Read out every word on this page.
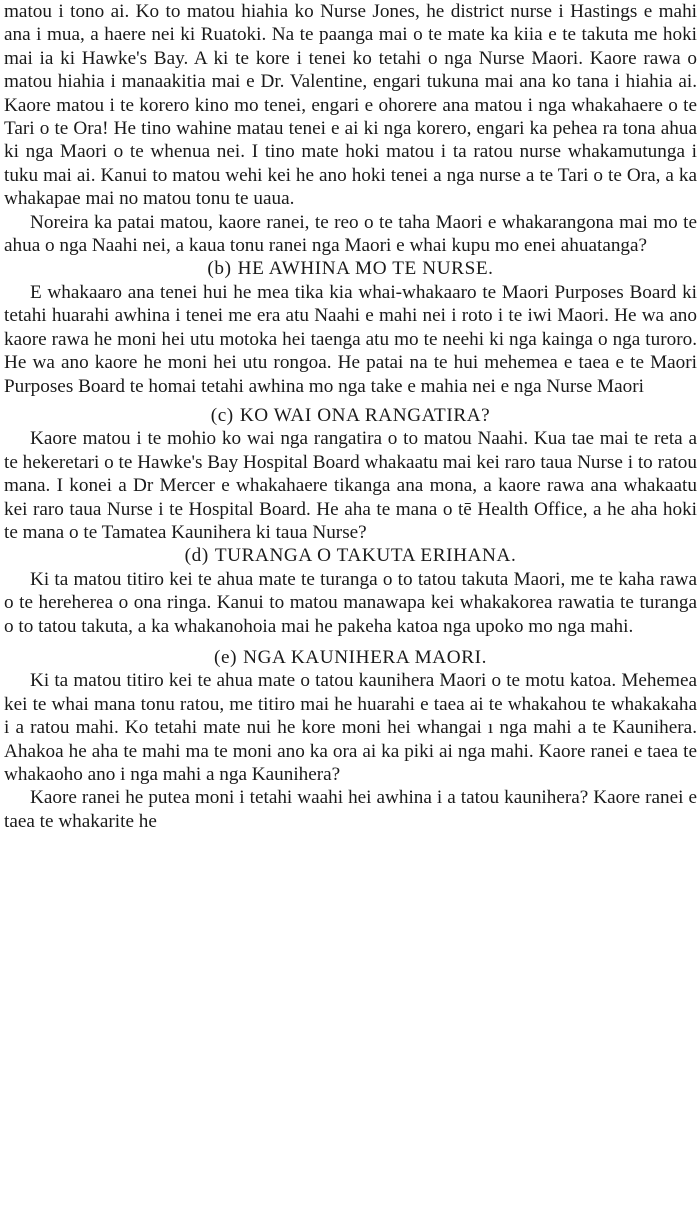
matou i tono ai. Ko to matou hiahia ko Nurse Jones, he district nurse i Hastings e mahi ana i mua, a haere nei ki Ruatoki. Na te paanga mai o te mate ka kiia e te takuta me hoki mai ia ki Hawke's Bay. A ki te kore i tenei ko tetahi o nga Nurse Maori. Kaore rawa o matou hiahia i manaakitia mai e Dr. Valentine, engari tukuna mai ana ko tana i hiahia ai. Kaore matou i te korero kino mo tenei, engari e ohorere ana matou i nga whakahaere o te Tari o te Ora! He tino wahine matau tenei e ai ki nga korero, engari ka pehea ra tona ahua ki nga Maori o te whenua nei. I tino mate hoki matou i ta ratou nurse whakamutunga i tuku mai ai. Kanui to matou wehi kei he ano hoki tenei a nga nurse a te Tari o te Ora, a ka whakapae mai no matou tonu te uaua.

Noreira ka patai matou, kaore ranei, te reo o te taha Maori e whakarangona mai mo te ahua o nga Naahi nei, a kaua tonu ranei nga Maori e whai kupu mo enei ahuatanga?

(b) HE AWHINA MO TE NURSE.

E whakaaro ana tenei hui he mea tika kia whai-whakaaro te Maori Purposes Board ki tetahi huarahi awhina i tenei me era atu Naahi e mahi nei i roto i te iwi Maori. He wa ano kaore rawa he moni hei utu motoka hei taenga atu mo te neehi ki nga kainga o nga turoro. He wa ano kaore he moni hei utu rongoa. He patai na te hui mehemea e taea e te Maori Purposes Board te homai tetahi awhina mo nga take e mahia nei e nga Nurse Maori

(c) KO WAI ONA RANGATIRA?

Kaore matou i te mohio ko wai nga rangatira o to matou Naahi. Kua tae mai te reta a te hekeretari o te Hawke's Bay Hospital Board whakaatu mai kei raro taua Nurse i to ratou mana. I konei a Dr Mercer e whakahaere tikanga ana mona, a kaore rawa ana whakaatu kei raro taua Nurse i te Hospital Board. He aha te mana o tē Health Office, a he aha hoki te mana o te Tamatea Kaunihera ki taua Nurse?

(d) TURANGA O TAKUTA ERIHANA.

Ki ta matou titiro kei te ahua mate te turanga o to tatou takuta Maori, me te kaha rawa o te hereherea o ona ringa. Kanui to matou manawapa kei whakakorea rawatia te turanga o to tatou takuta, a ka whakanohoia mai he pakeha katoa nga upoko mo nga mahi.

(e) NGA KAUNIHERA MAORI.

Ki ta matou titiro kei te ahua mate o tatou kaunihera Maori o te motu katoa. Mehemea kei te whai mana tonu ratou, me titiro mai he huarahi e taea ai te whakahou te whakakaha i a ratou mahi. Ko tetahi mate nui he kore moni hei whangai ı nga mahi a te Kaunihera. Ahakoa he aha te mahi ma te moni ano ka ora ai ka piki ai nga mahi. Kaore ranei e taea te whakaoho ano i nga mahi a nga Kaunihera?

Kaore ranei he putea moni i tetahi waahi hei awhina i a tatou kaunihera? Kaore ranei e taea te whakarite he
